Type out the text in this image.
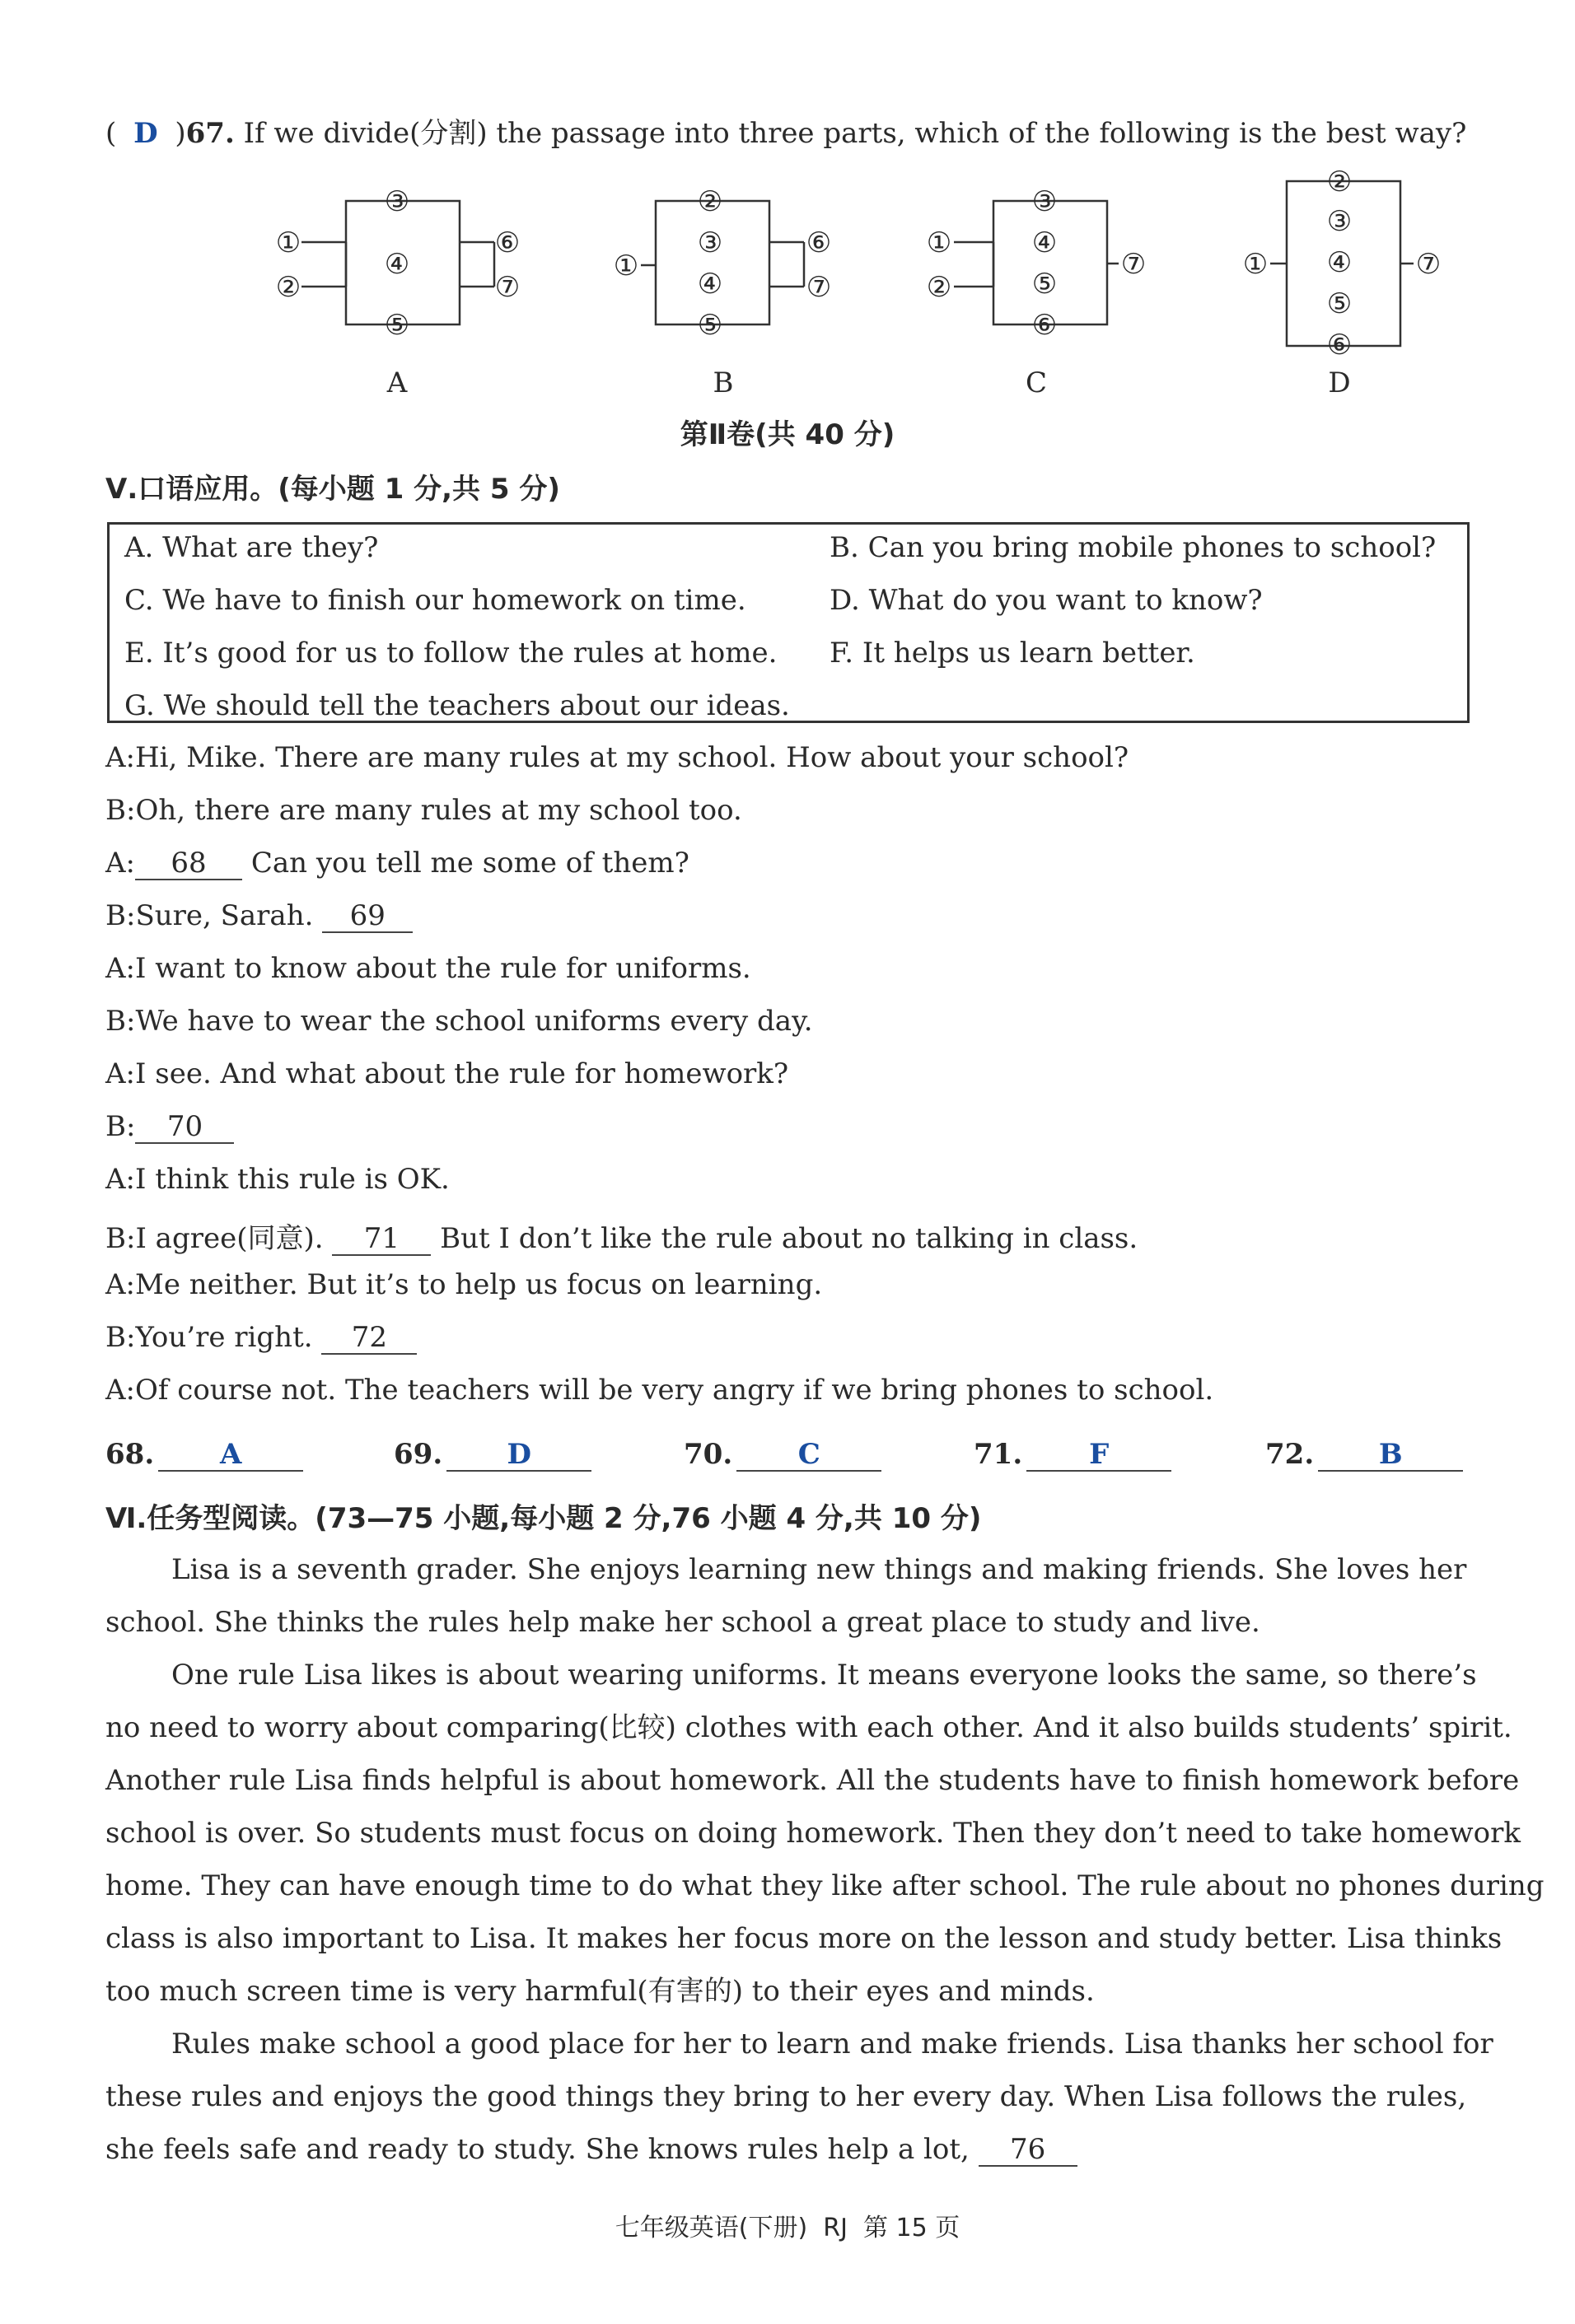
( D )67. If we divide(分割) the passage into three parts, which of the following is the best way?
①
②
③
④
⑤
⑥
⑦
①
②
③
④
⑤
⑥
⑦
①
②
③
④
⑤
⑥
⑦	①
②
③
④
⑤
⑥
⑦
A	B	C	D
第Ⅱ卷(共 40 分)
Ⅴ.口语应用。(每小题 1 分,共 5 分)
A. What are they?	B. Can you bring mobile phones to school?
C. We have to finish our homework on time.	D. What do you want to know?
E. It’s good for us to follow the rules at home. F. It helps us learn better.
G. We should tell the teachers about our ideas.
A:Hi, Mike. There are many rules at my school. How about your school?
B:Oh, there are many rules at my school too.
A: 68 Can you tell me some of them?
B:Sure, Sarah. 69
A:I want to know about the rule for uniforms.
B:We have to wear the school uniforms every day.
A:I see. And what about the rule for homework?
B: 70
A:I think this rule is OK.
B:I agree(同意). 71 But I don’t like the rule about no talking in class.
A:Me neither. But it’s to help us focus on learning.
B:You’re right. 72
A:Of course not. The teachers will be very angry if we bring phones to school.
68. A	69. D	70. C	71. F	72. B
Ⅵ.任务型阅读。(73—75 小题,每小题 2 分,76 小题 4 分,共 10 分)
Lisa is a seventh grader. She enjoys learning new things and making friends. She loves her
school. She thinks the rules help make her school a great place to study and live.
One rule Lisa likes is about wearing uniforms. It means everyone looks the same, so there’s
no need to worry about comparing(比较) clothes with each other. And it also builds students’ spirit.
Another rule Lisa finds helpful is about homework. All the students have to finish homework before
school is over. So students must focus on doing homework. Then they don’t need to take homework
home. They can have enough time to do what they like after school. The rule about no phones during
class is also important to Lisa. It makes her focus more on the lesson and study better. Lisa thinks
too much screen time is very harmful(有害的) to their eyes and minds.
Rules make school a good place for her to learn and make friends. Lisa thanks her school for
these rules and enjoys the good things they bring to her every day. When Lisa follows the rules,
she feels safe and ready to study. She knows rules help a lot, 76
七年级英语(下册)  RJ  第 15 页
